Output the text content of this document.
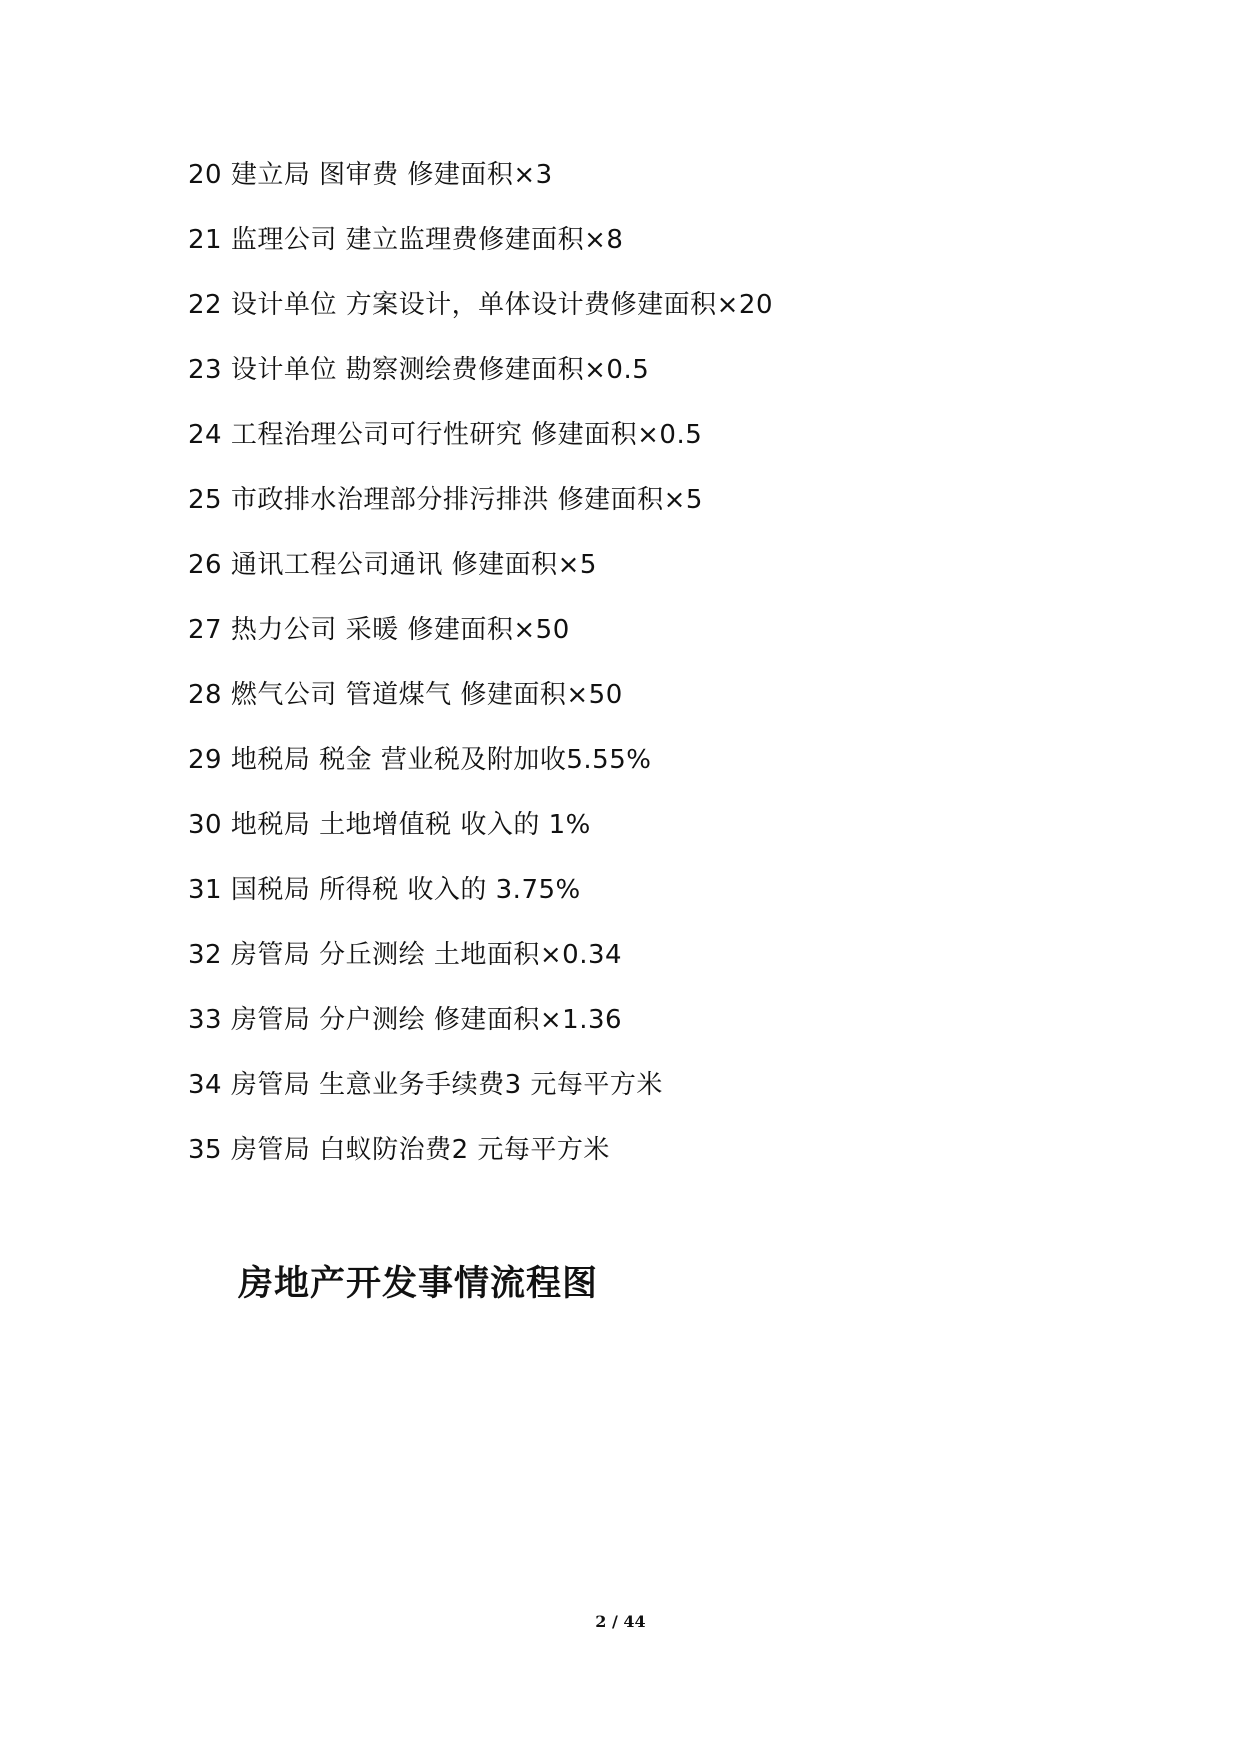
20 建立局 图审费 修建面积×3
21 监理公司 建立监理费修建面积×8
22 设计单位 方案设计，单体设计费修建面积×20
23 设计单位 勘察测绘费修建面积×0.5
24 工程治理公司可行性研究 修建面积×0.5
25 市政排水治理部分排污排洪 修建面积×5
26 通讯工程公司通讯 修建面积×5
27 热力公司 采暖 修建面积×50
28 燃气公司 管道煤气 修建面积×50
29 地税局 税金 营业税及附加收5.55%
30 地税局 土地增值税 收入的 1%
31 国税局 所得税 收入的 3.75%
32 房管局 分丘测绘 土地面积×0.34
33 房管局 分户测绘 修建面积×1.36
34 房管局 生意业务手续费3 元每平方米
35 房管局 白蚁防治费2 元每平方米
房地产开发事情流程图
2 / 44
